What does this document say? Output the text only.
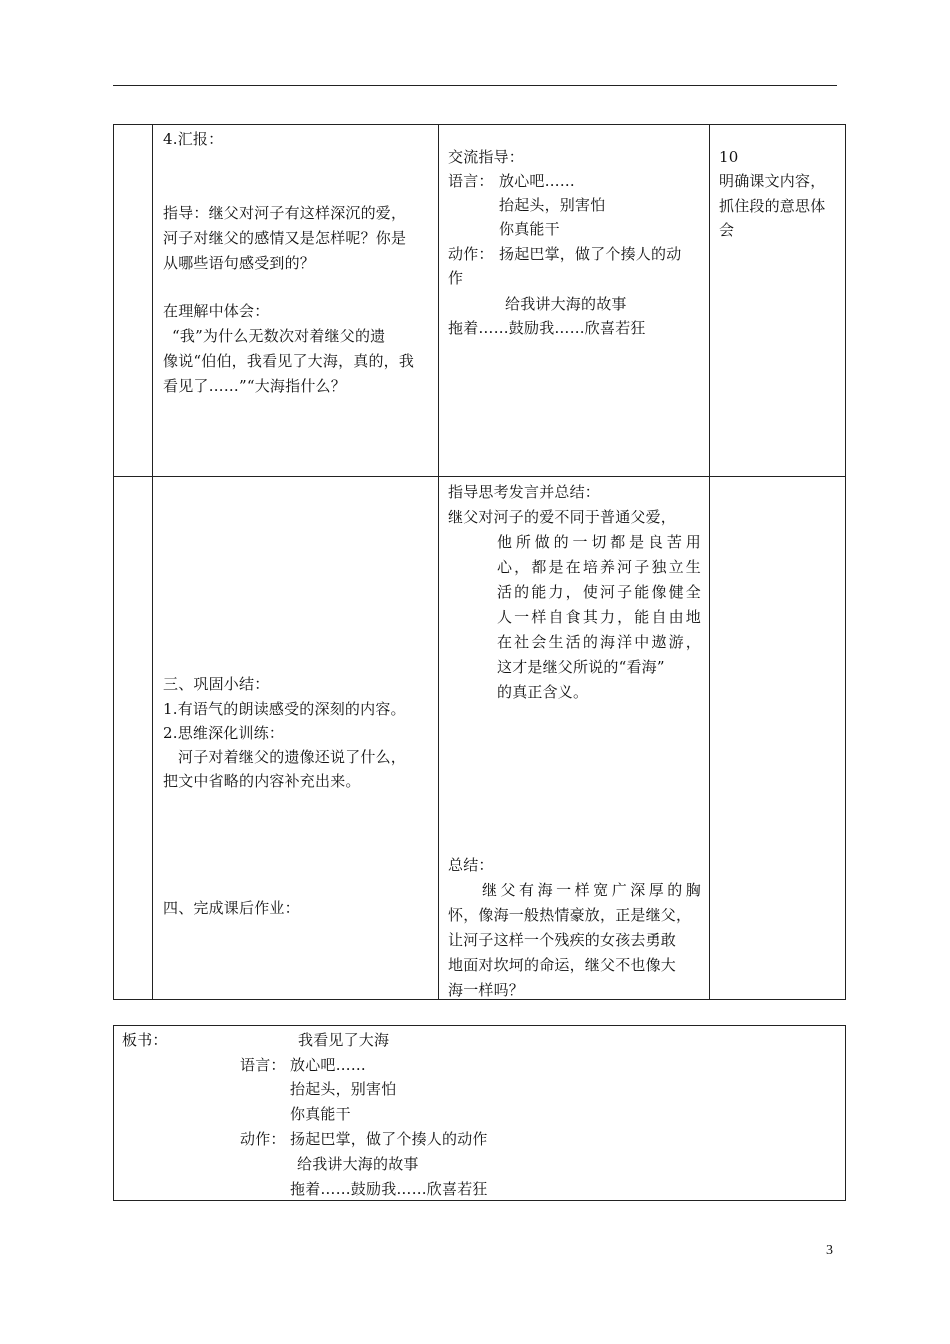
4.汇报：
指导：继父对河子有这样深沉的爱，
河子对继父的感情又是怎样呢？你是
从哪些语句感受到的？
在理解中体会：
“我”为什么无数次对着继父的遗
像说“伯伯，我看见了大海，真的，我
看见了……”“大海指什么？
交流指导：
语言： 放心吧……
抬起头，别害怕
你真能干
动作： 扬起巴掌，做了个揍人的动
作
给我讲大海的故事
拖着……鼓励我……欣喜若狂
10
明确课文内容，
抓住段的意思体
会
指导思考发言并总结：
继父对河子的爱不同于普通父爱，
他所做的一切都是良苦用
心，都是在培养河子独立生
活的能力，使河子能像健全
人一样自食其力，能自由地
在社会生活的海洋中遨游，
这才是继父所说的“看海”
的真正含义。
总结：
继父有海一样宽广深厚的胸
怀，像海一般热情豪放，正是继父，
让河子这样一个残疾的女孩去勇敢
地面对坎坷的命运，继父不也像大
海一样吗？
三、巩固小结：
1.有语气的朗读感受的深刻的内容。
2.思维深化训练：
河子对着继父的遗像还说了什么，
把文中省略的内容补充出来。
四、完成课后作业：
板书：	我看见了大海
语言： 放心吧……
抬起头，别害怕
你真能干
动作： 扬起巴掌，做了个揍人的动作
给我讲大海的故事
拖着……鼓励我……欣喜若狂
3
